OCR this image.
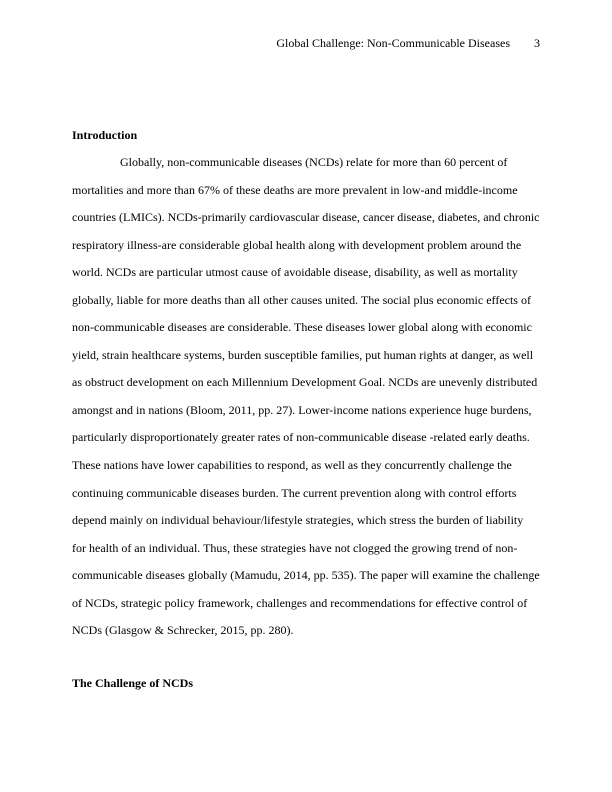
Global Challenge: Non-Communicable Diseases 3
Introduction
Globally, non-communicable diseases (NCDs) relate for more than 60 percent of
mortalities and more than 67% of these deaths are more prevalent in low-and middle-income
countries (LMICs). NCDs-primarily cardiovascular disease, cancer disease, diabetes, and chronic
respiratory illness-are considerable global health along with development problem around the
world. NCDs are particular utmost cause of avoidable disease, disability, as well as mortality
globally, liable for more deaths than all other causes united. The social plus economic effects of
non-communicable diseases are considerable. These diseases lower global along with economic
yield, strain healthcare systems, burden susceptible families, put human rights at danger, as well
as obstruct development on each Millennium Development Goal. NCDs are unevenly distributed
amongst and in nations (Bloom, 2011, pp. 27). Lower-income nations experience huge burdens,
particularly disproportionately greater rates of non-communicable disease -related early deaths.
These nations have lower capabilities to respond, as well as they concurrently challenge the
continuing communicable diseases burden. The current prevention along with control efforts
depend mainly on individual behaviour/lifestyle strategies, which stress the burden of liability
for health of an individual. Thus, these strategies have not clogged the growing trend of non-
communicable diseases globally (Mamudu, 2014, pp. 535). The paper will examine the challenge
of NCDs, strategic policy framework, challenges and recommendations for effective control of
NCDs (Glasgow & Schrecker, 2015, pp. 280).
The Challenge of NCDs
